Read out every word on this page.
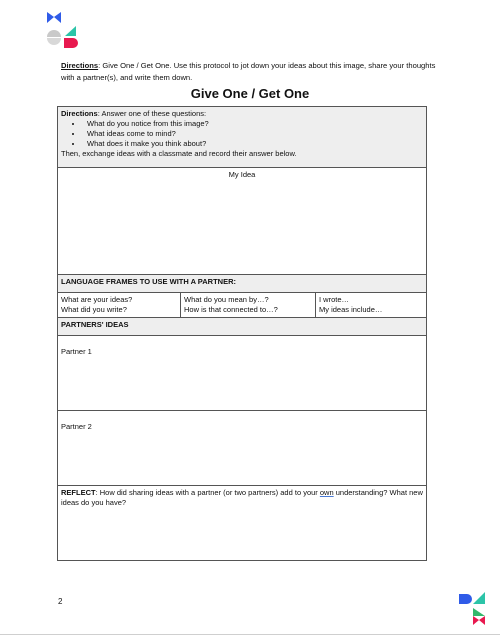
Directions: Give One / Get One. Use this protocol to jot down your ideas about this image, share your thoughts with a partner(s), and write them down.
Give One / Get One
Directions: Answer one of these questions:
• What do you notice from this image?
• What ideas come to mind?
• What does it make you think about?
Then, exchange ideas with a classmate and record their answer below.

My Idea
LANGUAGE FRAMES TO USE WITH A PARTNER:

What are your ideas?
What did you write?

What do you mean by…?
How is that connected to…?

I wrote…
My ideas include…

PARTNERS' IDEAS

Partner 1

Partner 2

REFLECT: How did sharing ideas with a partner (or two partners) add to your own understanding? What new ideas do you have?
2
